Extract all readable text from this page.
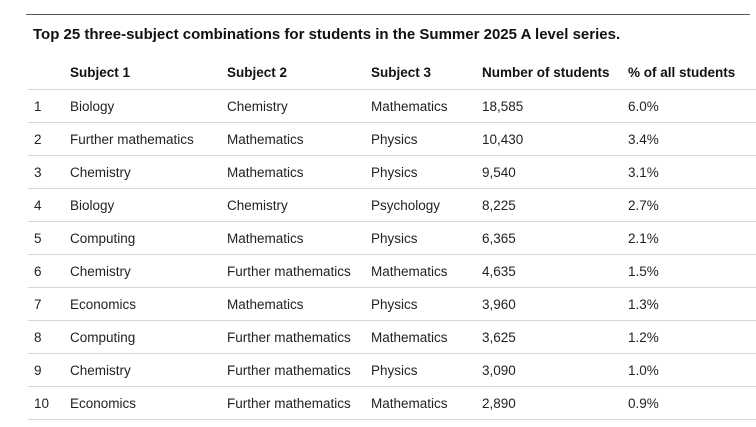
Top 25 three-subject combinations for students in the Summer 2025 A level series.
	Subject 1	Subject 2	Subject 3	Number of students	% of all students
1	Biology	Chemistry	Mathematics	18,585	6.0%
2	Further mathematics	Mathematics	Physics	10,430	3.4%
3	Chemistry	Mathematics	Physics	9,540	3.1%
4	Biology	Chemistry	Psychology	8,225	2.7%
5	Computing	Mathematics	Physics	6,365	2.1%
6	Chemistry	Further mathematics	Mathematics	4,635	1.5%
7	Economics	Mathematics	Physics	3,960	1.3%
8	Computing	Further mathematics	Mathematics	3,625	1.2%
9	Chemistry	Further mathematics	Physics	3,090	1.0%
10	Economics	Further mathematics	Mathematics	2,890	0.9%
